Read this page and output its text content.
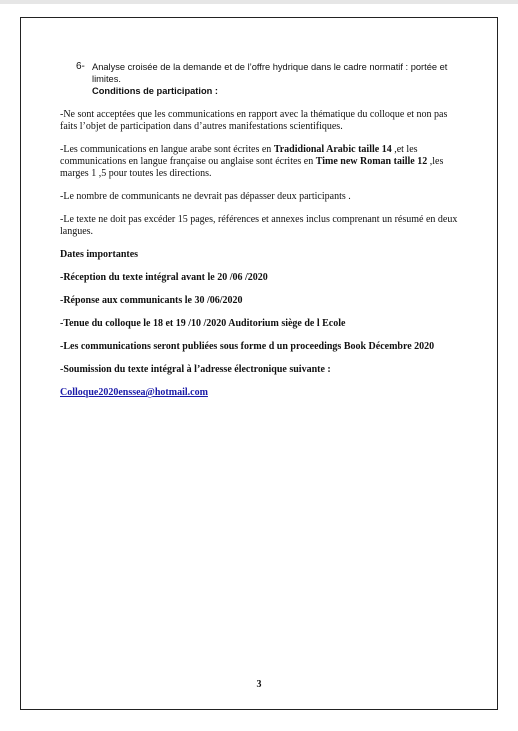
6- Analyse croisée de la demande et de l’offre hydrique dans le cadre normatif : portée et limites.
Conditions de participation :

-Ne sont acceptées que les communications en rapport avec la thématique du colloque et non pas faits l’objet de participation dans d’autres manifestations scientifiques.

-Les communications en langue arabe sont écrites en Tradidional Arabic taille 14 ,et les communications en langue française ou anglaise sont écrites en Time new Roman taille 12 ,les marges 1 ,5 pour toutes les directions.

-Le nombre de communicants ne devrait pas dépasser deux participants .

-Le texte ne doit pas excéder 15 pages, références et annexes inclus comprenant un résumé en deux langues.

Dates importantes

-Réception du texte intégral avant le 20 /06 /2020

-Réponse aux communicants le 30 /06/2020

-Tenue du colloque le 18 et 19 /10 /2020 Auditorium siège de l Ecole

-Les communications seront publiées sous forme d un proceedings Book Décembre 2020

-Soumission du texte intégral à l’adresse électronique suivante :

Colloque2020enssea@hotmail.com

3
